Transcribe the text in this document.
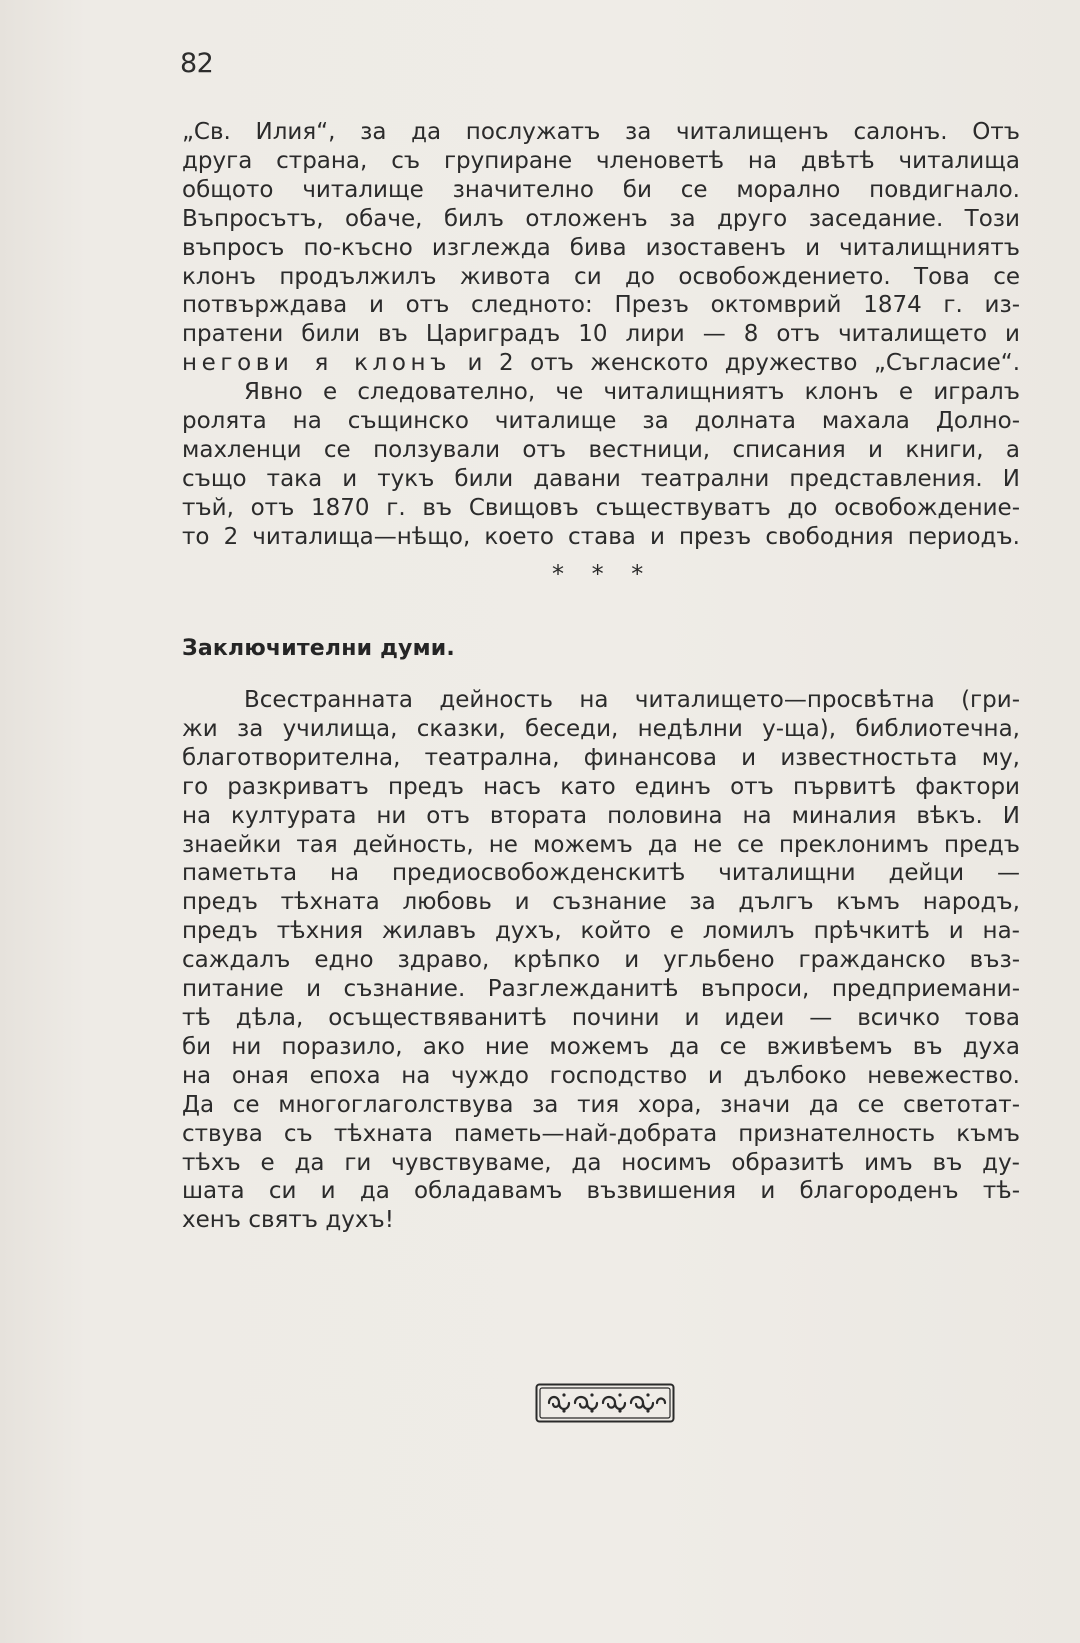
82
„Св. Илия“, за да послужатъ за читалищенъ салонъ. Отъ
друга страна, съ групиране членоветѣ на двѣтѣ читалища
общото читалище значително би се морално повдигнало.
Въпросътъ, обаче, билъ отложенъ за друго заседание. Този
въпросъ по-късно изглежда бива изоставенъ и читалищниятъ
клонъ продължилъ живота си до освобождението. Това се
потвърждава и отъ следното: Презъ октомврий 1874 г. из-
пратени били въ Цариградъ 10 лири — 8 отъ читалището и
негови я клонъ и 2 отъ женското дружество „Съгласие“.
Явно е следователно, че читалищниятъ клонъ е игралъ
ролята на същинско читалище за долната махала Долно-
махленци се ползували отъ вестници, списания и книги, а
също така и тукъ били давани театрални представления. И
тъй, отъ 1870 г. въ Свищовъ съществуватъ до освобождение-
то 2 читалища—нѣщо, което става и презъ свободния периодъ.
* * *
Заключителни думи.
Всестранната дейность на читалището—просвѣтна (гри-
жи за училища, сказки, беседи, недѣлни у-ща), библиотечна,
благотворителна, театрална, финансова и известностьта му,
го разкриватъ предъ насъ като единъ отъ първитѣ фактори
на културата ни отъ втората половина на миналия вѣкъ. И
знаейки тая дейность, не можемъ да не се преклонимъ предъ
паметьта на предиосвобожденскитѣ читалищни дейци —
предъ тѣхната любовь и съзнание за дългъ къмъ народъ,
предъ тѣхния жилавъ духъ, който е ломилъ прѣчкитѣ и на-
саждалъ едно здраво, крѣпко и угльбено гражданско въз-
питание и съзнание. Разглежданитѣ въпроси, предприемани-
тѣ дѣла, осъществяванитѣ почини и идеи — всичко това
би ни поразило, ако ние можемъ да се вживѣемъ въ духа
на оная епоха на чуждо господство и дълбоко невежество.
Да се многоглаголствува за тия хора, значи да се светотат-
ствува съ тѣхната паметь—най-добрата признателность къмъ
тѣхъ е да ги чувствуваме, да носимъ образитѣ имъ въ ду-
шата си и да обладавамъ възвишения и благороденъ тѣ-
хенъ святъ духъ!
